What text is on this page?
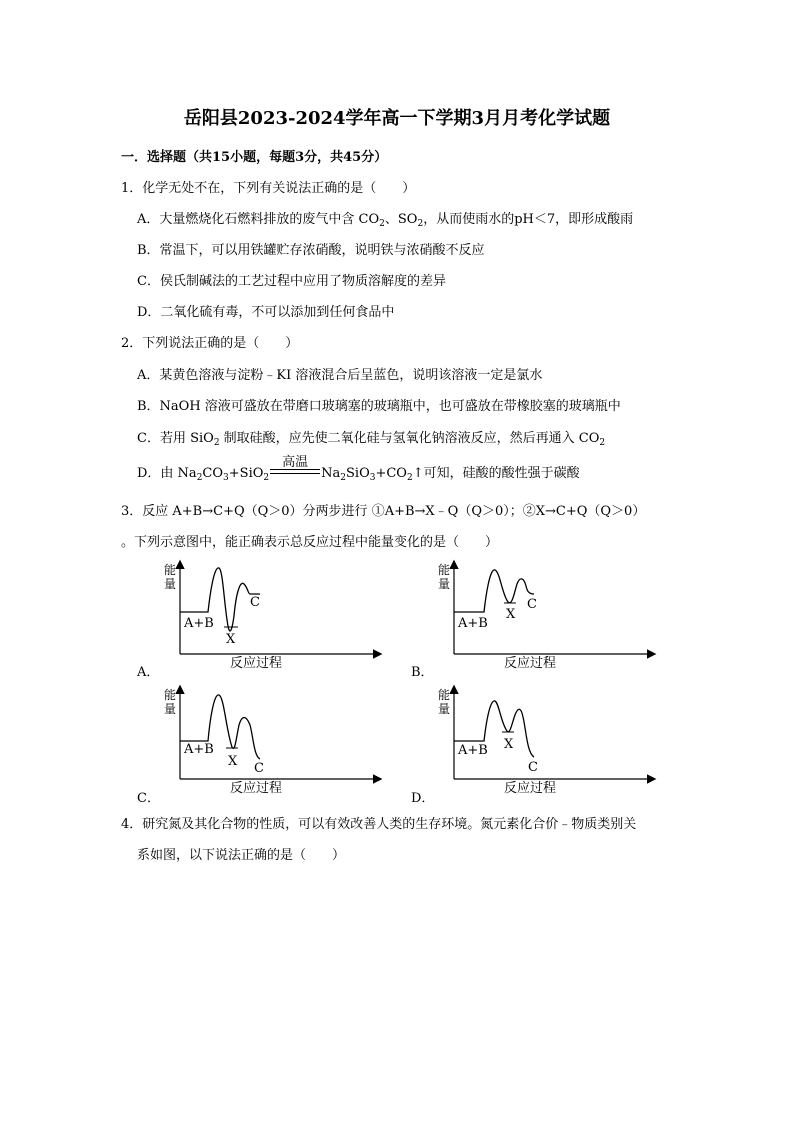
岳阳县2023-2024学年高一下学期3月月考化学试题
一．选择题（共15小题，每题3分，共45分）
1．化学无处不在，下列有关说法正确的是（　　）
A．大量燃烧化石燃料排放的废气中含 $CO_2$、$SO_2$，从而使雨水的pH＜7，即形成酸雨
B．常温下，可以用铁罐贮存浓硝酸，说明铁与浓硝酸不反应
C．侯氏制碱法的工艺过程中应用了物质溶解度的差异
D．二氧化硫有毒，不可以添加到任何食品中
2．下列说法正确的是（　　）
A．某黄色溶液与淀粉﹣KI 溶液混合后呈蓝色，说明该溶液一定是氯水
B．NaOH 溶液可盛放在带磨口玻璃塞的玻璃瓶中，也可盛放在带橡胶塞的玻璃瓶中
C．若用 SiO$_2$ 制取硅酸，应先使二氧化硅与氢氧化钠溶液反应，然后再通入 $CO_2$
D．由 $Na_2CO_3+SiO_2$
高温
$Na_2SiO_3+CO_2↑$可知，硅酸的酸性强于碳酸
3．反应 A+B→C+Q（Q＞0）分两步进行 ①A+B→X﹣Q（Q＞0）；②X→C+Q（Q＞0）
。下列示意图中，能正确表示总反应过程中能量变化的是（　　）
A．
能
量
反应过程
A+B
X
C
B．
能
量
反应过程
A+B
X
C
C．
能
量
反应过程
A+B
X C
D．
能
量
反应过程
A+B X
C
4．研究氮及其化合物的性质，可以有效改善人类的生存环境。氮元素化合价﹣物质类别关
系如图，以下说法正确的是（　　）
